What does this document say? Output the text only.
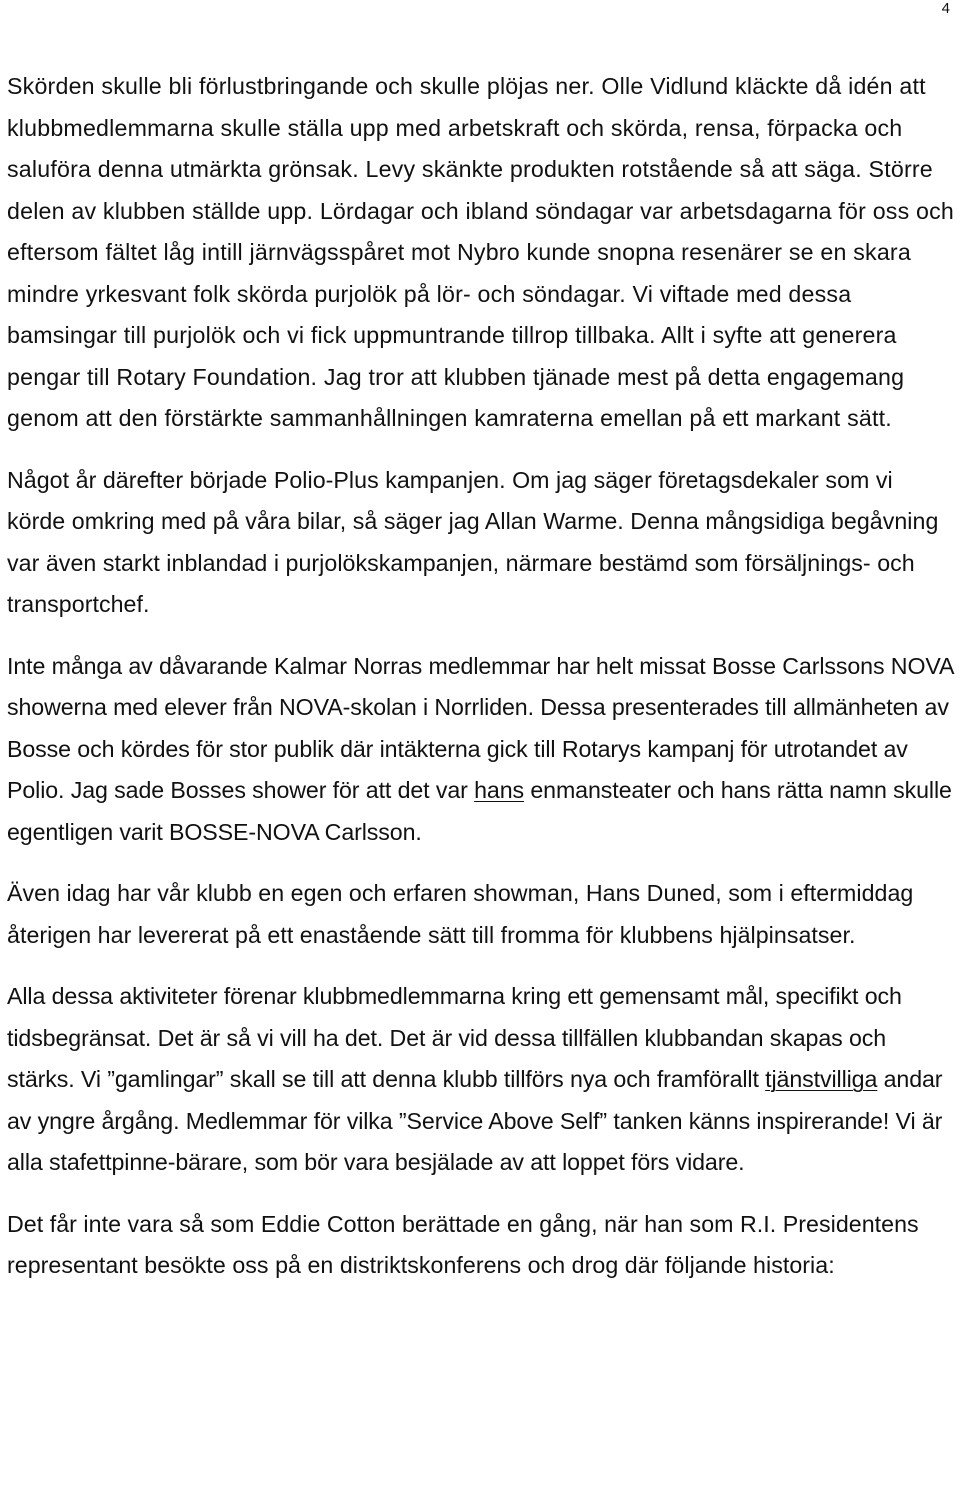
4

Skörden skulle bli förlustbringande och skulle plöjas ner. Olle Vidlund kläckte då idén att klubbmedlemmarna skulle ställa upp med arbetskraft och skörda, rensa, förpacka och saluföra denna utmärkta grönsak. Levy skänkte produkten rotstående så att säga. Större delen av klubben ställde upp. Lördagar och ibland söndagar var arbetsdagarna för oss och eftersom fältet låg intill järnvägsspåret mot Nybro kunde snopna resenärer se en skara mindre yrkesvant folk skörda purjolök på lör- och söndagar. Vi viftade med dessa bamsingar till purjolök och vi fick uppmuntrande tillrop tillbaka. Allt i syfte att generera pengar till Rotary Foundation. Jag tror att klubben tjänade mest på detta engagemang genom att den förstärkte sammanhållningen kamraterna emellan på ett markant sätt.

Något år därefter började Polio-Plus kampanjen. Om jag säger företagsdekaler som vi körde omkring med på våra bilar, så säger jag Allan Warme. Denna mångsidiga begåvning var även starkt inblandad i purjolökskampanjen, närmare bestämd som försäljnings- och transportchef.

Inte många av dåvarande Kalmar Norras medlemmar har helt missat Bosse Carlssons NOVA showerna med elever från NOVA-skolan i Norrliden. Dessa presenterades till allmänheten av Bosse och kördes för stor publik där intäkterna gick till Rotarys kampanj för utrotandet av Polio. Jag sade Bosses shower för att det var hans enmansteater och hans rätta namn skulle egentligen varit BOSSE-NOVA Carlsson.

Även idag har vår klubb en egen och erfaren showman, Hans Duned, som i eftermiddag återigen har levererat på ett enastående sätt till fromma för klubbens hjälpinsatser.

Alla dessa aktiviteter förenar klubbmedlemmarna kring ett gemensamt mål, specifikt och tidsbegränsat. Det är så vi vill ha det. Det är vid dessa tillfällen klubbandan skapas och stärks. Vi ”gamlingar” skall se till att denna klubb tillförs nya och framförallt tjänstvilliga andar av yngre årgång. Medlemmar för vilka ”Service Above Self” tanken känns inspirerande! Vi är alla stafettpinne-bärare, som bör vara besjälade av att loppet förs vidare.

Det får inte vara så som Eddie Cotton berättade en gång, när han som R.I. Presidentens representant besökte oss på en distriktskonferens och drog där följande historia:
